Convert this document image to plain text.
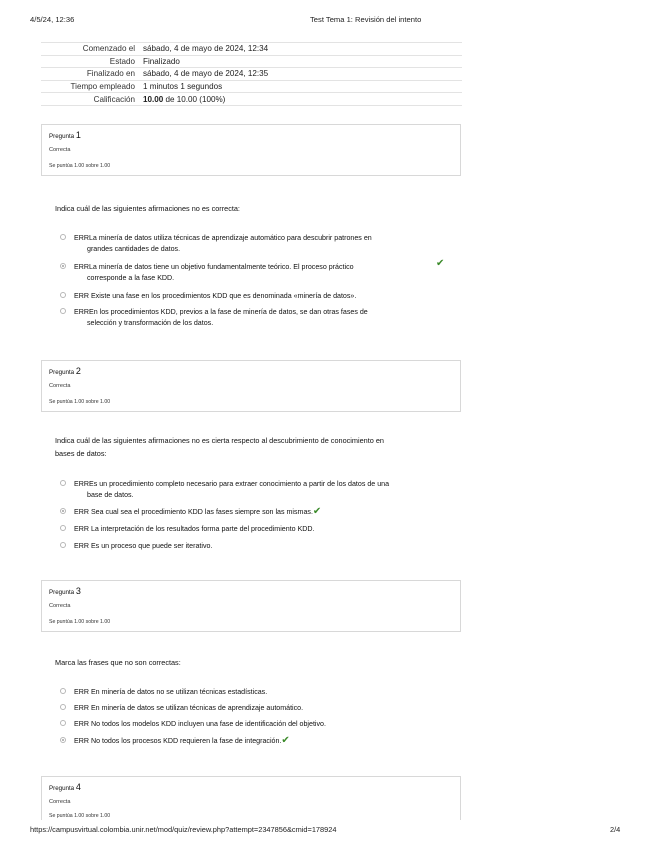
4/5/24, 12:36	Test Tema 1: Revisión del intento
Comenzado el	sábado, 4 de mayo de 2024, 12:34
Estado	Finalizado
Finalizado en	sábado, 4 de mayo de 2024, 12:35
Tiempo empleado	1 minutos 1 segundos
Calificación	10.00 de 10.00 (100%)
Pregunta 1
Correcta
Se puntúa 1.00 sobre 1.00
Indica cuál de las siguientes afirmaciones no es correcta:
ERRLa minería de datos utiliza técnicas de aprendizaje automático para descubrir patrones en
grandes cantidades de datos.
ERRLa minería de datos tiene un objetivo fundamentalmente teórico. El proceso práctico
corresponde a la fase KDD.
✔
ERR Existe una fase en los procedimientos KDD que es denominada «minería de datos».
ERREn los procedimientos KDD, previos a la fase de minería de datos, se dan otras fases de
selección y transformación de los datos.
Pregunta 2
Correcta
Se puntúa 1.00 sobre 1.00
Indica cuál de las siguientes afirmaciones no es cierta respecto al descubrimiento de conocimiento en
bases de datos:
ERREs un procedimiento completo necesario para extraer conocimiento a partir de los datos de una
base de datos.
ERR Sea cual sea el procedimiento KDD las fases siempre son las mismas.✔
ERR La interpretación de los resultados forma parte del procedimiento KDD.
ERR Es un proceso que puede ser iterativo.
Pregunta 3
Correcta
Se puntúa 1.00 sobre 1.00
Marca las frases que no son correctas:
ERR En minería de datos no se utilizan técnicas estadísticas.
ERR En minería de datos se utilizan técnicas de aprendizaje automático.
ERR No todos los modelos KDD incluyen una fase de identificación del objetivo.
ERR No todos los procesos KDD requieren la fase de integración.✔
Pregunta 4
Correcta
Se puntúa 1.00 sobre 1.00
https://campusvirtual.colombia.unir.net/mod/quiz/review.php?attempt=2347856&cmid=178924	2/4
